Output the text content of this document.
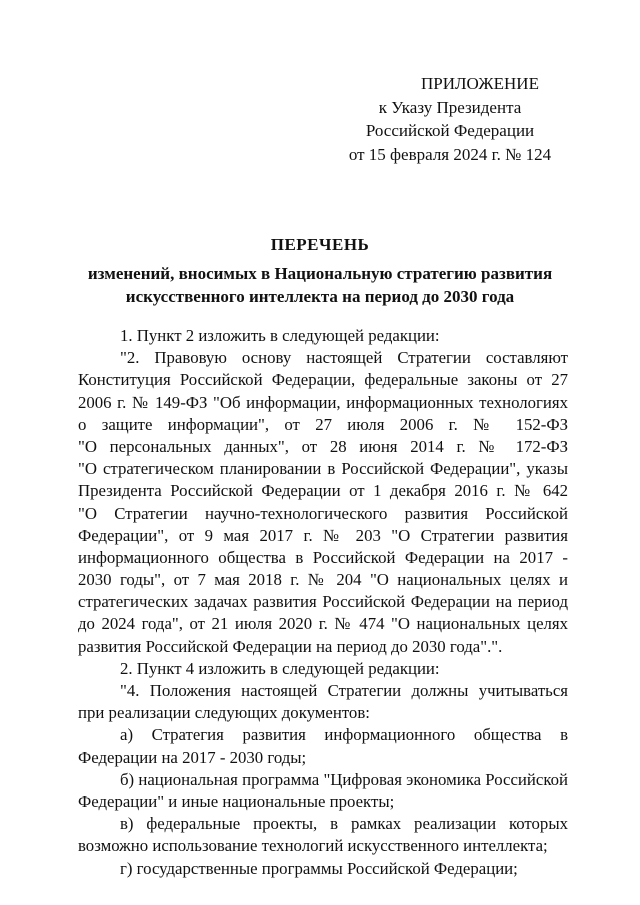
ПРИЛОЖЕНИЕ
к Указу Президента
Российской Федерации
от 15 февраля 2024 г. № 124
ПЕРЕЧЕНЬ
изменений, вносимых в Национальную стратегию развития
искусственного интеллекта на период до 2030 года
1. Пункт 2 изложить в следующей редакции:
"2. Правовую основу настоящей Стратегии составляют
Конституция Российской Федерации, федеральные законы от 27
2006 г. № 149-ФЗ "Об информации, информационных технологиях
о защите информации", от 27 июля 2006 г. № 152-ФЗ
"О персональных данных", от 28 июня 2014 г. № 172-ФЗ
"О стратегическом планировании в Российской Федерации", указы
Президента Российской Федерации от 1 декабря 2016 г. № 642
"О Стратегии научно-технологического развития Российской
Федерации", от 9 мая 2017 г. № 203 "О Стратегии развития
информационного общества в Российской Федерации на 2017 -
2030 годы", от 7 мая 2018 г. № 204 "О национальных целях и
стратегических задачах развития Российской Федерации на период
до 2024 года", от 21 июля 2020 г. № 474 "О национальных целях
развития Российской Федерации на период до 2030 года".".
2. Пункт 4 изложить в следующей редакции:
"4. Положения настоящей Стратегии должны учитываться
при реализации следующих документов:
а) Стратегия развития информационного общества в
Федерации на 2017 - 2030 годы;
б) национальная программа "Цифровая экономика Российской
Федерации" и иные национальные проекты;
в) федеральные проекты, в рамках реализации которых
возможно использование технологий искусственного интеллекта;
г) государственные программы Российской Федерации;
